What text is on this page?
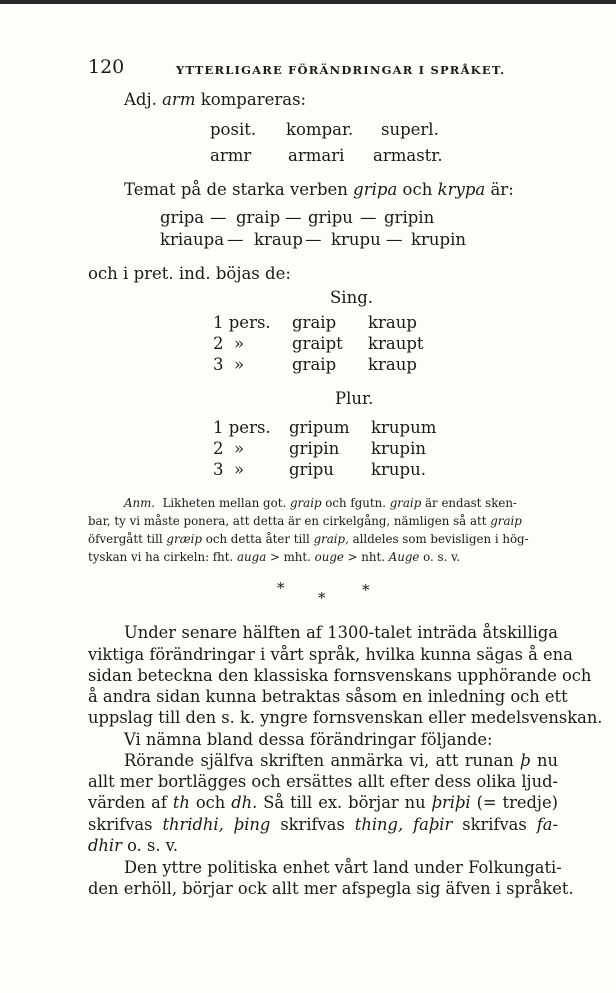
120	YTTERLIGARE FÖRÄNDRINGAR I SPRÅKET.
Adj. arm kompareras:
posit. kompar. superl.
armr armari armastr.
Temat på de starka verben gripa och krypa är:
gripa — graip — gripu — gripin
kriaupa — kraup — krupu — krupin
och i pret. ind. böjas de:
Sing.
1 pers. graip kraup
2  »	graipt kraupt
3  »	graip kraup
Plur.
1 pers. gripum krupum
2  »	gripin krupin
3  »	gripu krupu.
Anm. Likheten mellan got. graip och fgutn. graip är endast sken-
bar, ty vi måste ponera, att detta är en cirkelgång, nämligen så att graip
öfvergått till græip och detta åter till graip, alldeles som bevisligen i hög-
tyskan vi ha cirkeln: fht. auga > mht. ouge > nht. Auge o. s. v.
*
* *
Under senare hälften af 1300-talet inträda åtskilliga
viktiga förändringar i vårt språk, hvilka kunna sägas å ena
sidan beteckna den klassiska fornsvenskans upphörande och
å andra sidan kunna betraktas såsom en inledning och ett
uppslag till den s. k. yngre fornsvenskan eller medelsvenskan.
Vi nämna bland dessa förändringar följande:
Rörande själfva skriften anmärka vi, att runan þ nu
allt mer bortlägges och ersättes allt efter dess olika ljud-
värden af th och dh. Så till ex. börjar nu þriþi (= tredje)
skrifvas thridhi, þing skrifvas thing, faþir skrifvas fa-
dhir o. s. v.
Den yttre politiska enhet vårt land under Folkungati-
den erhöll, börjar ock allt mer afspegla sig äfven i språket.
